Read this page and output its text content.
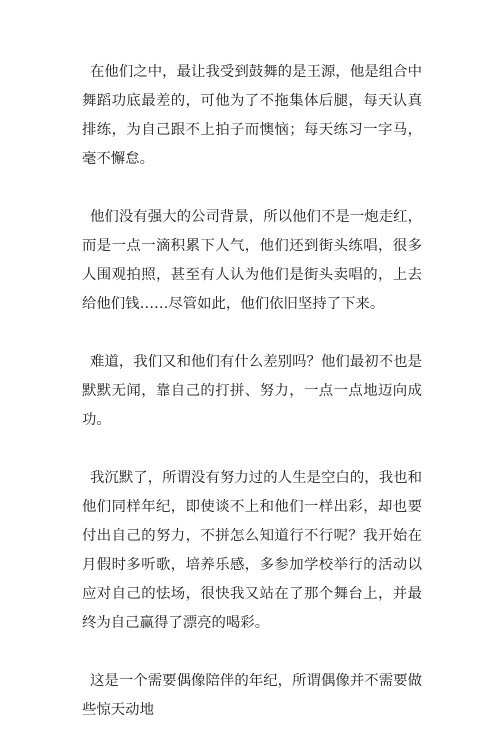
在他们之中，最让我受到鼓舞的是王源，他是组合中舞蹈功底最差的，可他为了不拖集体后腿，每天认真排练，为自己跟不上拍子而懊恼；每天练习一字马，毫不懈怠。

他们没有强大的公司背景，所以他们不是一炮走红，而是一点一滴积累下人气，他们还到街头练唱，很多人围观拍照，甚至有人认为他们是街头卖唱的，上去给他们钱……尽管如此，他们依旧坚持了下来。

难道，我们又和他们有什么差别吗？他们最初不也是默默无闻，靠自己的打拼、努力，一点一点地迈向成功。

我沉默了，所谓没有努力过的人生是空白的，我也和他们同样年纪，即使谈不上和他们一样出彩，却也要付出自己的努力，不拼怎么知道行不行呢？我开始在月假时多听歌，培养乐感，多参加学校举行的活动以应对自己的怯场，很快我又站在了那个舞台上，并最终为自己赢得了漂亮的喝彩。

这是一个需要偶像陪伴的年纪，所谓偶像并不需要做些惊天动地
